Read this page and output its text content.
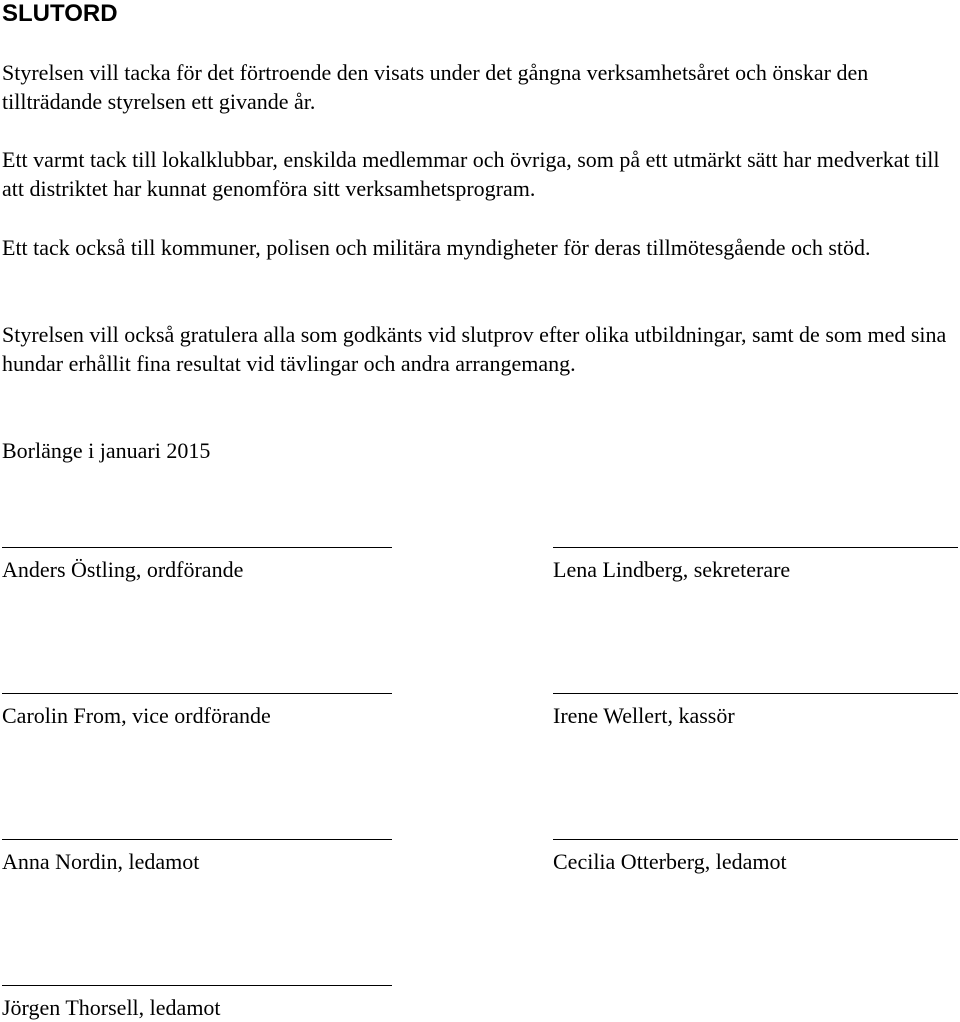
SLUTORD

Styrelsen vill tacka för det förtroende den visats under det gångna verksamhetsåret och önskar den tillträdande styrelsen ett givande år.

Ett varmt tack till lokalklubbar, enskilda medlemmar och övriga, som på ett utmärkt sätt har medverkat till att distriktet har kunnat genomföra sitt verksamhetsprogram.

Ett tack också till kommuner, polisen och militära myndigheter för deras tillmötesgående och stöd.

Styrelsen vill också gratulera alla som godkänts vid slutprov efter olika utbildningar, samt de som med sina hundar erhållit fina resultat vid tävlingar och andra arrangemang.

Borlänge i januari 2015

Anders Östling, ordförande	Lena Lindberg, sekreterare

Carolin From, vice ordförande	Irene Wellert, kassör

Anna Nordin, ledamot	Cecilia Otterberg, ledamot

Jörgen Thorsell, ledamot
